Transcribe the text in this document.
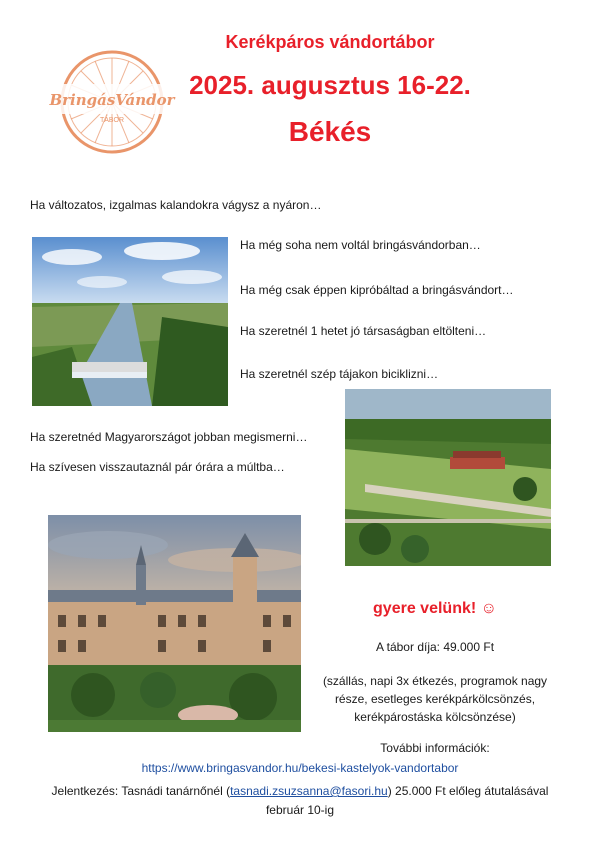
BringásVándor
TÁBOR
Kerékpáros vándortábor
2025. augusztus 16-22.
Békés
Ha változatos, izgalmas kalandokra vágysz a nyáron…
Ha még soha nem voltál bringásvándorban…
Ha még csak éppen kipróbáltad a bringásvándort…
Ha szeretnél 1 hetet jó társaságban eltölteni…
Ha szeretnél szép tájakon biciklizni…
Ha szeretnéd Magyarországot jobban megismerni…
Ha szívesen visszautaznál pár órára a múltba…
gyere velünk! ☺
A tábor díja: 49.000 Ft
(szállás, napi 3x étkezés, programok nagy része, esetleges kerékpárkölcsönzés, kerékpárostáska kölcsönzése)
További információk:
https://www.bringasvandor.hu/bekesi-kastelyok-vandortabor
Jelentkezés: Tasnádi tanárnőnél (tasnadi.zsuzsanna@fasori.hu) 25.000 Ft előleg átutalásával
február 10-ig
